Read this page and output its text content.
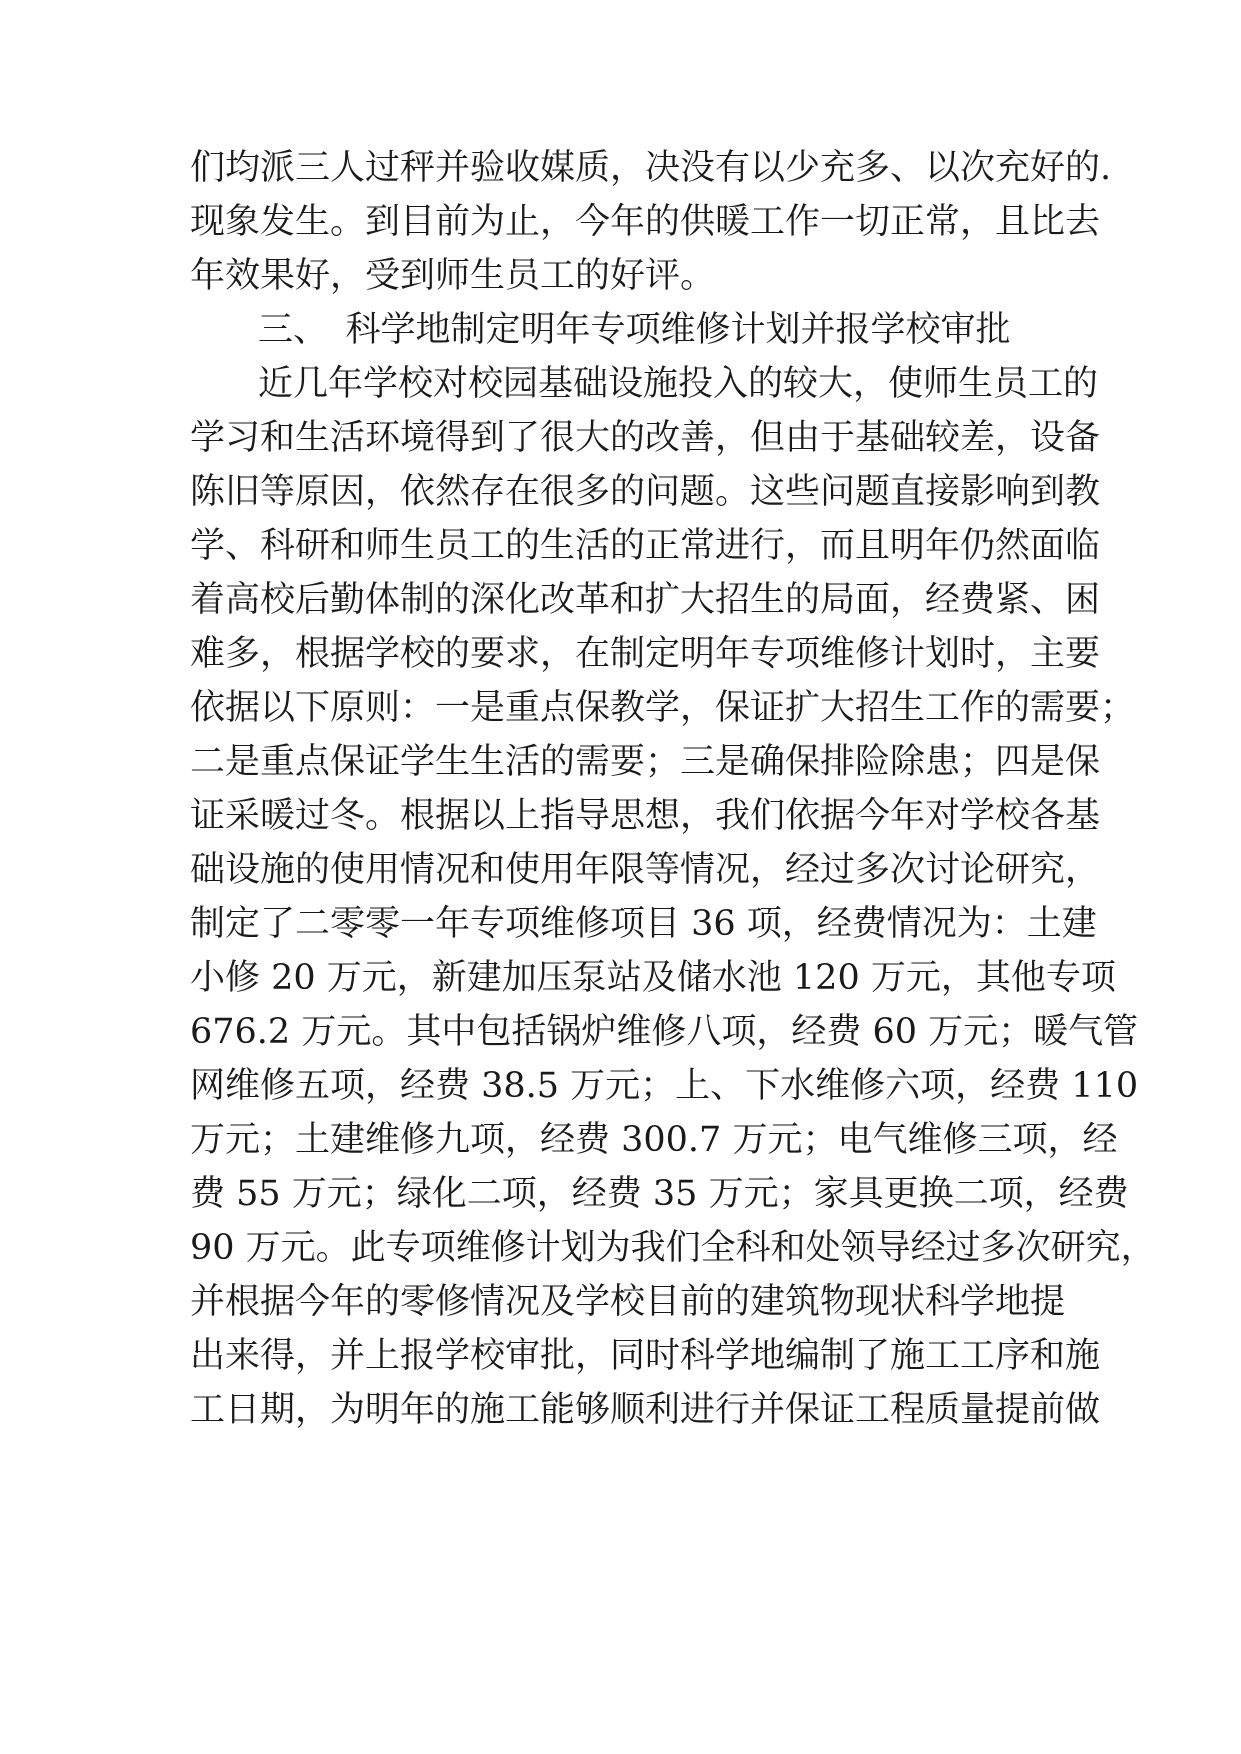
们均派三人过秤并验收媒质，决没有以少充多、以次充好的.
现象发生。到目前为止，今年的供暖工作一切正常，且比去
年效果好，受到师生员工的好评。
三、　科学地制定明年专项维修计划并报学校审批
近几年学校对校园基础设施投入的较大，使师生员工的
学习和生活环境得到了很大的改善，但由于基础较差，设备
陈旧等原因，依然存在很多的问题。这些问题直接影响到教
学、科研和师生员工的生活的正常进行，而且明年仍然面临
着高校后勤体制的深化改革和扩大招生的局面，经费紧、困
难多，根据学校的要求，在制定明年专项维修计划时，主要
依据以下原则：一是重点保教学，保证扩大招生工作的需要；
二是重点保证学生生活的需要；三是确保排险除患；四是保
证采暖过冬。根据以上指导思想，我们依据今年对学校各基
础设施的使用情况和使用年限等情况，经过多次讨论研究，
制定了二零零一年专项维修项目 36 项，经费情况为：土建
小修 20 万元，新建加压泵站及储水池 120 万元，其他专项
676.2 万元。其中包括锅炉维修八项，经费 60 万元；暖气管
网维修五项，经费 38.5 万元；上、下水维修六项，经费 110
万元；土建维修九项，经费 300.7 万元；电气维修三项，经
费 55 万元；绿化二项，经费 35 万元；家具更换二项，经费
90 万元。此专项维修计划为我们全科和处领导经过多次研究，
并根据今年的零修情况及学校目前的建筑物现状科学地提
出来得，并上报学校审批，同时科学地编制了施工工序和施
工日期，为明年的施工能够顺利进行并保证工程质量提前做
